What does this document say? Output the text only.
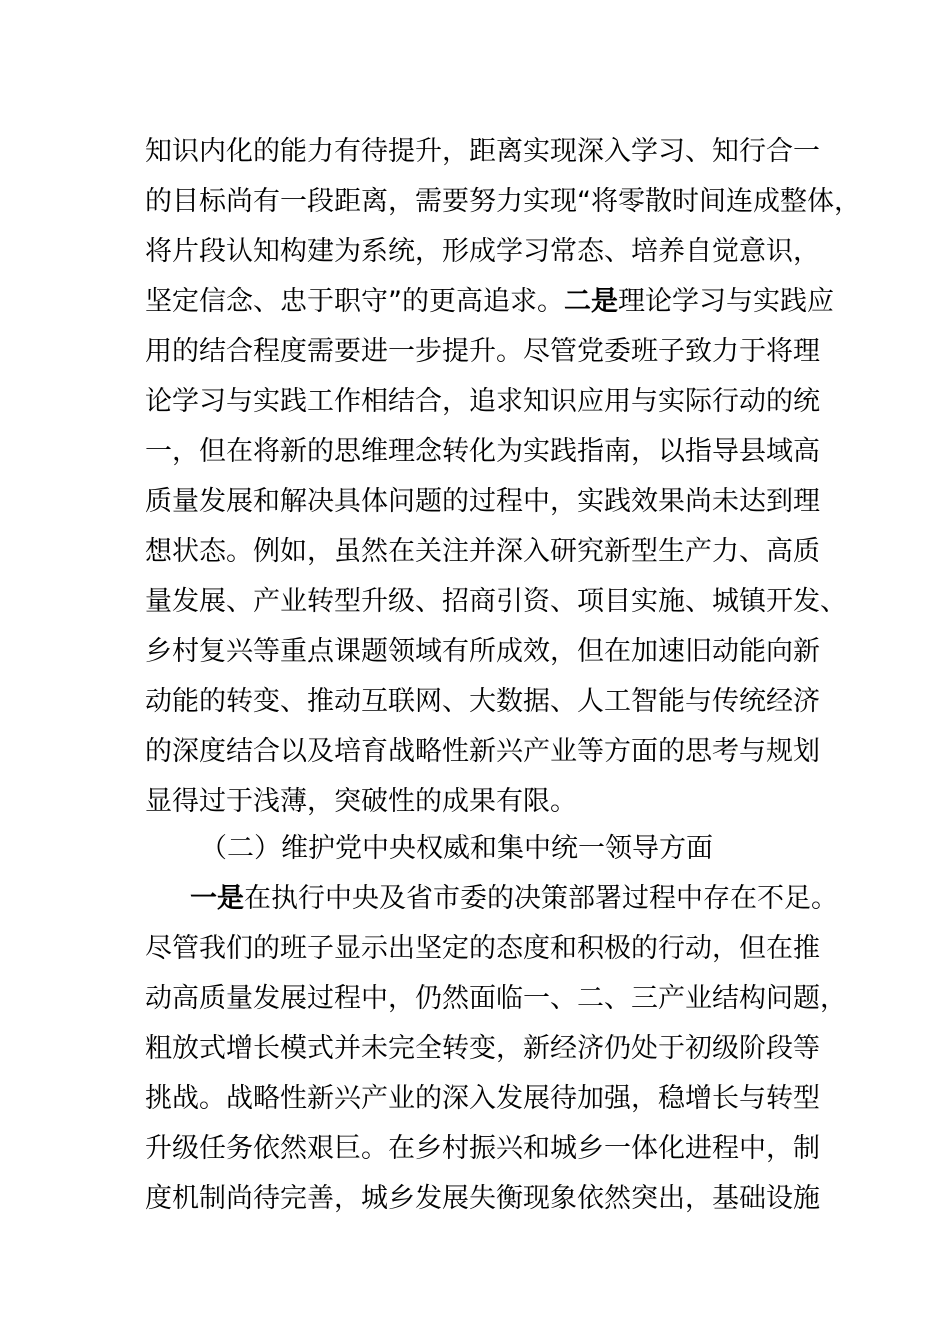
知识内化的能力有待提升，距离实现深入学习、知行合一
的目标尚有一段距离，需要努力实现“将零散时间连成整体，
将片段认知构建为系统，形成学习常态、培养自觉意识，
坚定信念、忠于职守”的更高追求。二是理论学习与实践应
用的结合程度需要进一步提升。尽管党委班子致力于将理
论学习与实践工作相结合，追求知识应用与实际行动的统
一，但在将新的思维理念转化为实践指南，以指导县域高
质量发展和解决具体问题的过程中，实践效果尚未达到理
想状态。例如，虽然在关注并深入研究新型生产力、高质
量发展、产业转型升级、招商引资、项目实施、城镇开发、
乡村复兴等重点课题领域有所成效，但在加速旧动能向新
动能的转变、推动互联网、大数据、人工智能与传统经济
的深度结合以及培育战略性新兴产业等方面的思考与规划
显得过于浅薄，突破性的成果有限。
（二）维护党中央权威和集中统一领导方面
一是在执行中央及省市委的决策部署过程中存在不足。
尽管我们的班子显示出坚定的态度和积极的行动，但在推
动高质量发展过程中，仍然面临一、二、三产业结构问题，
粗放式增长模式并未完全转变，新经济仍处于初级阶段等
挑战。战略性新兴产业的深入发展待加强，稳增长与转型
升级任务依然艰巨。在乡村振兴和城乡一体化进程中，制
度机制尚待完善，城乡发展失衡现象依然突出，基础设施
